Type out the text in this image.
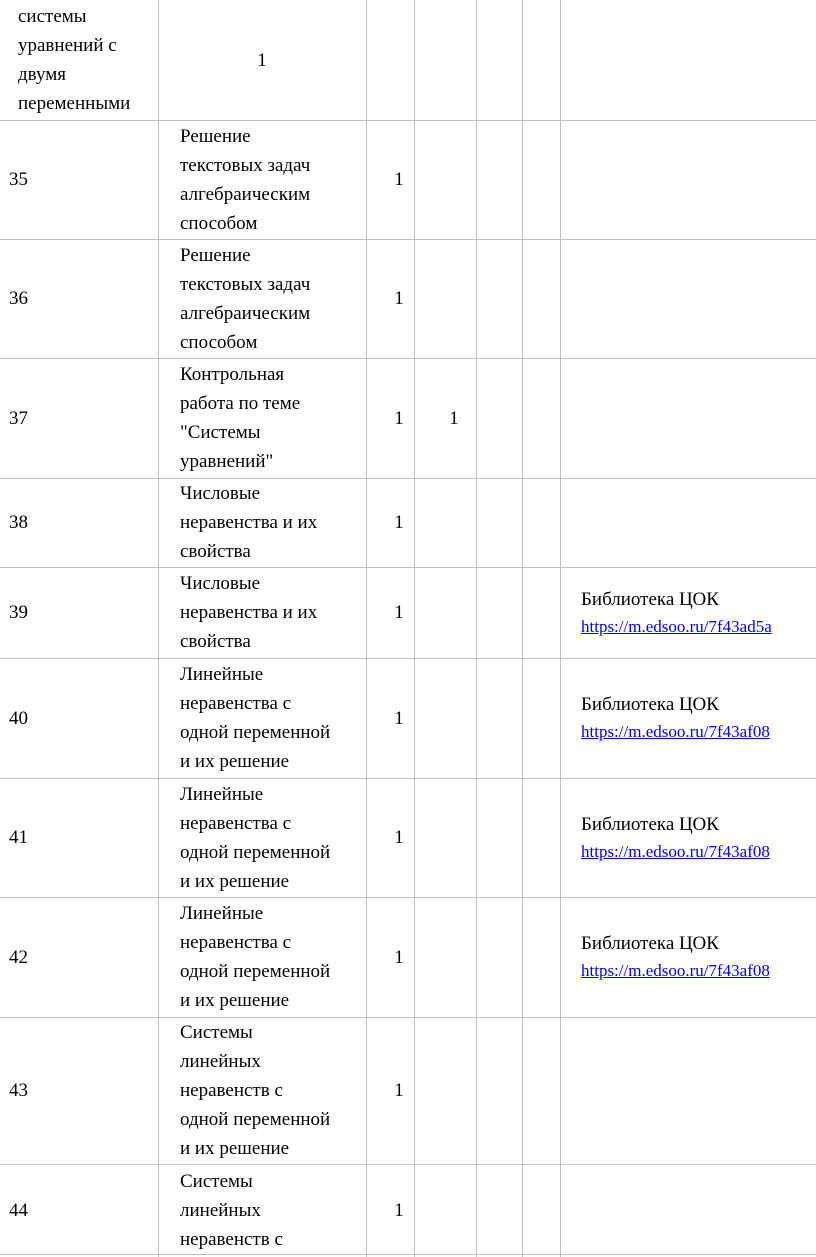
системы
уравнений с
двумя
переменными
1
35
Решение
текстовых задач
алгебраическим
способом
1
36
Решение
текстовых задач
алгебраическим
способом
1
37
Контрольная
работа по теме
"Системы
уравнений"
1 1
38
Числовые
неравенства и их
свойства
1
39
Числовые
неравенства и их
свойства
1
Библиотека ЦОК
https://m.edsoo.ru/7f43ad5a
40
Линейные
неравенства с
одной переменной
и их решение
1
Библиотека ЦОК
https://m.edsoo.ru/7f43af08
41
Линейные
неравенства с
одной переменной
и их решение
1
Библиотека ЦОК
https://m.edsoo.ru/7f43af08
42
Линейные
неравенства с
одной переменной
и их решение
1
Библиотека ЦОК
https://m.edsoo.ru/7f43af08
43
Системы
линейных
неравенств с
одной переменной
и их решение
1
44
Системы
линейных
неравенств с
1
